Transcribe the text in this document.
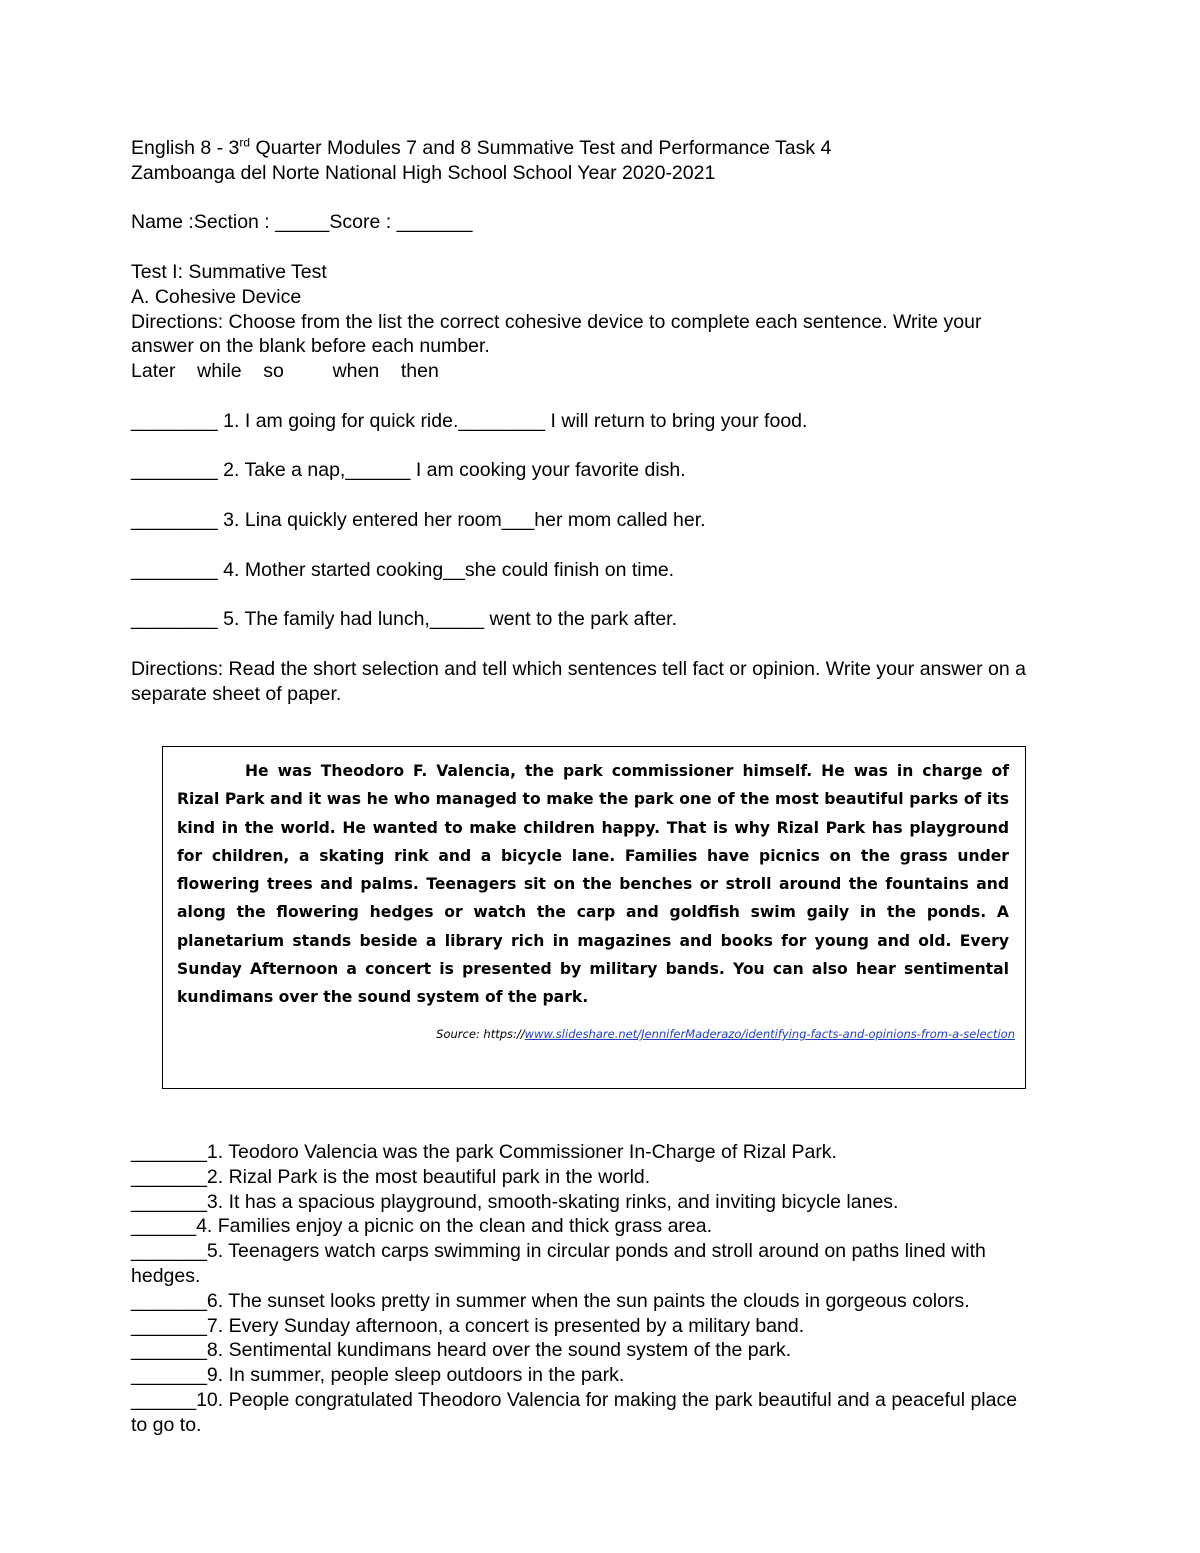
English 8 - 3rd Quarter Modules 7 and 8 Summative Test and Performance Task 4
Zamboanga del Norte National High School School Year 2020-2021
Name :Section : _____Score : _______
Test I: Summative Test
A. Cohesive Device
Directions: Choose from the list the correct cohesive device to complete each sentence. Write your answer on the blank before each number.
Later    while    so         when    then
________ 1. I am going for quick ride.________ I will return to bring your food.
________ 2. Take a nap,______ I am cooking your favorite dish.
________ 3. Lina quickly entered her room___her mom called her.
________ 4. Mother started cooking__she could finish on time.
________ 5. The family had lunch,_____ went to the park after.
Directions: Read the short selection and tell which sentences tell fact or opinion. Write your answer on a separate sheet of paper.
He was Theodoro F. Valencia, the park commissioner himself. He was in charge of Rizal Park and it was he who managed to make the park one of the most beautiful parks of its kind in the world. He wanted to make children happy. That is why Rizal Park has playground for children, a skating rink and a bicycle lane. Families have picnics on the grass under flowering trees and palms. Teenagers sit on the benches or stroll around the fountains and along the flowering hedges or watch the carp and goldfish swim gaily in the ponds. A planetarium stands beside a library rich in magazines and books for young and old. Every Sunday Afternoon a concert is presented by military bands. You can also hear sentimental kundimans over the sound system of the park.
Source: https://www.slideshare.net/JenniferMaderazo/identifying-facts-and-opinions-from-a-selection
_______1. Teodoro Valencia was the park Commissioner In-Charge of Rizal Park.
_______2. Rizal Park is the most beautiful park in the world.
_______3. It has a spacious playground, smooth-skating rinks, and inviting bicycle lanes.
______4. Families enjoy a picnic on the clean and thick grass area.
_______5. Teenagers watch carps swimming in circular ponds and stroll around on paths lined with hedges.
_______6. The sunset looks pretty in summer when the sun paints the clouds in gorgeous colors.
_______7. Every Sunday afternoon, a concert is presented by a military band.
_______8. Sentimental kundimans heard over the sound system of the park.
_______9. In summer, people sleep outdoors in the park.
______10. People congratulated Theodoro Valencia for making the park beautiful and a peaceful place to go to.
